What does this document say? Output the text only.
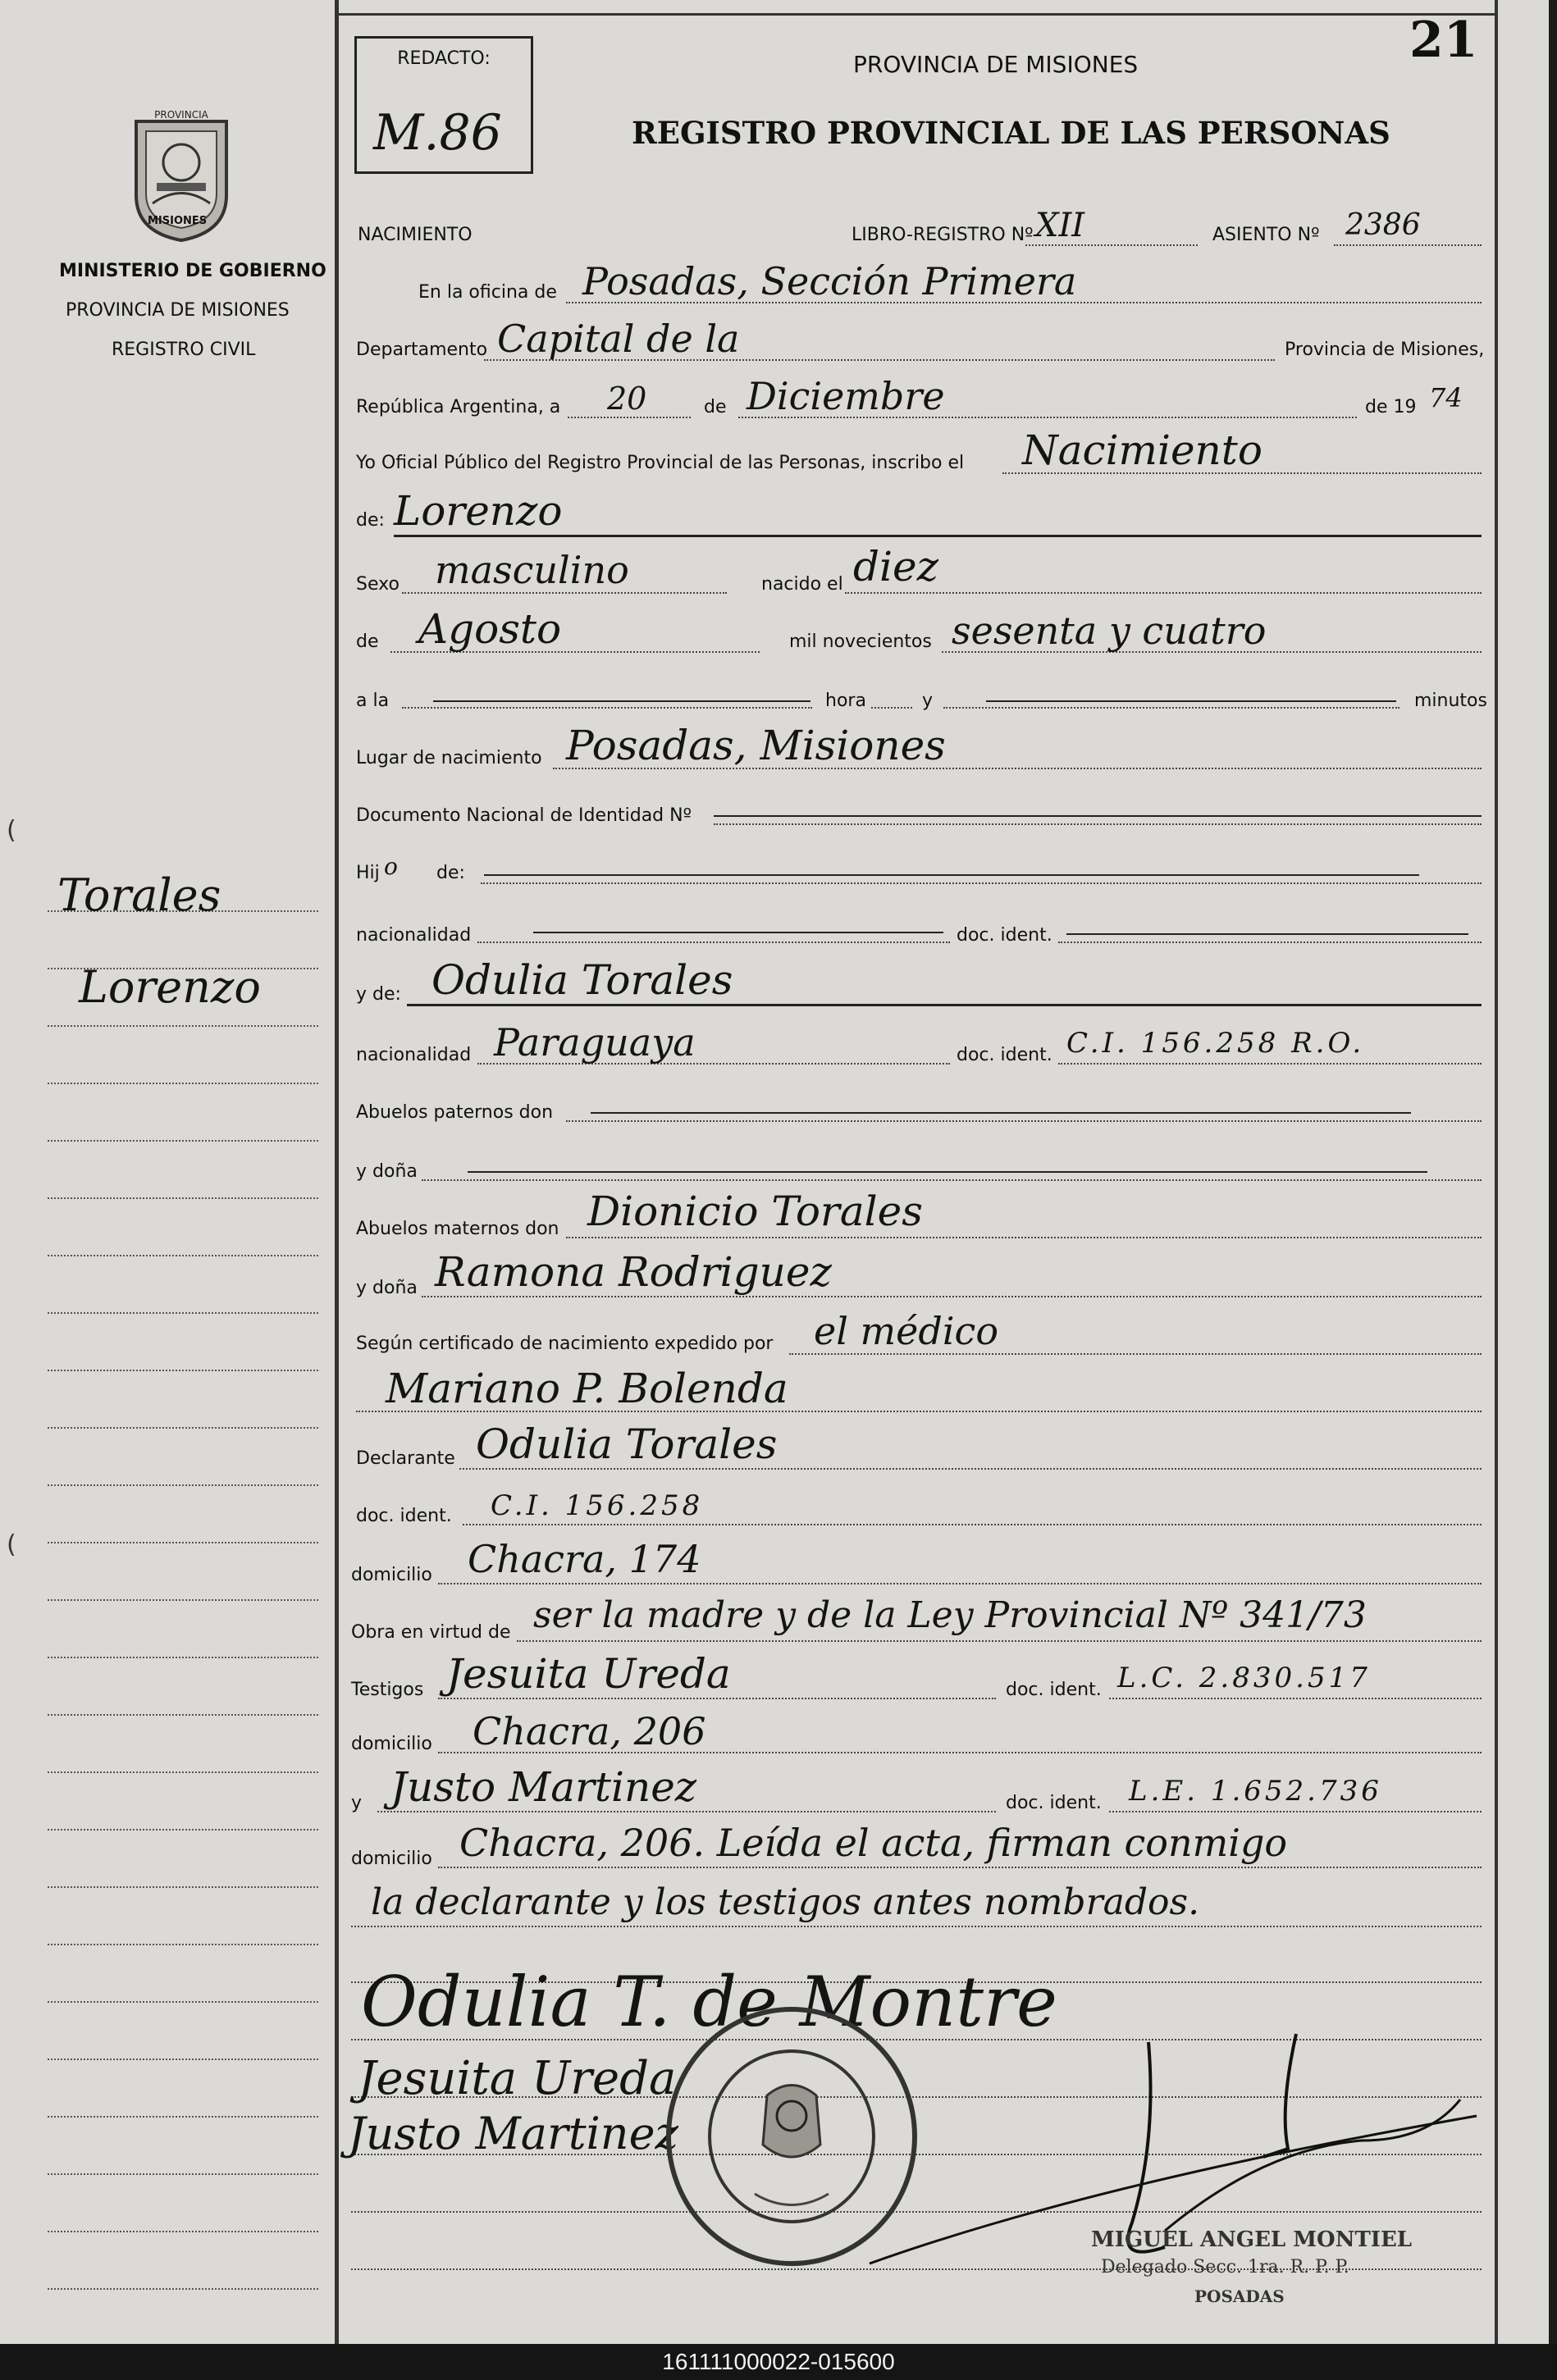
21
REDACTO:
M.86
PROVINCIA DE MISIONES
REGISTRO PROVINCIAL DE LAS PERSONAS
PROVINCIA
MISIONES
MINISTERIO DE GOBIERNO
PROVINCIA DE MISIONES
REGISTRO CIVIL
Torales
Lorenzo
(
(
NACIMIENTO	LIBRO-REGISTRO Nº XII	ASIENTO Nº 2386
En la oficina de Posadas, Sección Primera
Departamento Capital de la	Provincia de Misiones,
República Argentina, a 20	de Diciembre	de 19 74
Yo Oficial Público del Registro Provincial de las Personas, inscribo el Nacimiento
de: Lorenzo
Sexo masculino	nacido el diez
de Agosto	mil novecientos sesenta y cuatro
a la	hora	y	minutos
Lugar de nacimiento Posadas, Misiones
Documento Nacional de Identidad Nº
Hij o de:
nacionalidad	doc. ident.
y de: Odulia Torales
nacionalidad Paraguaya	doc. ident. C.I. 156.258 R.O.
Abuelos paternos don
y doña
Abuelos maternos don Dionicio Torales
y doña Ramona Rodriguez
Según certificado de nacimiento expedido por el médico
Mariano P. Bolenda
Declarante Odulia Torales
doc. ident. C.I. 156.258
domicilio Chacra, 174
Obra en virtud de ser la madre y de la Ley Provincial Nº 341/73
Testigos Jesuita Ureda	doc. ident. L.C. 2.830.517
domicilio Chacra, 206
y Justo Martinez	doc. ident. L.E. 1.652.736
domicilio Chacra, 206. Leída el acta, firman conmigo
la declarante y los testigos antes nombrados.
Odulia T. de Montre
Jesuita Ureda
Justo Martinez
MIGUEL ANGEL MONTIEL
Delegado Secc. 1ra. R. P. P.
POSADAS
161111000022-015600
